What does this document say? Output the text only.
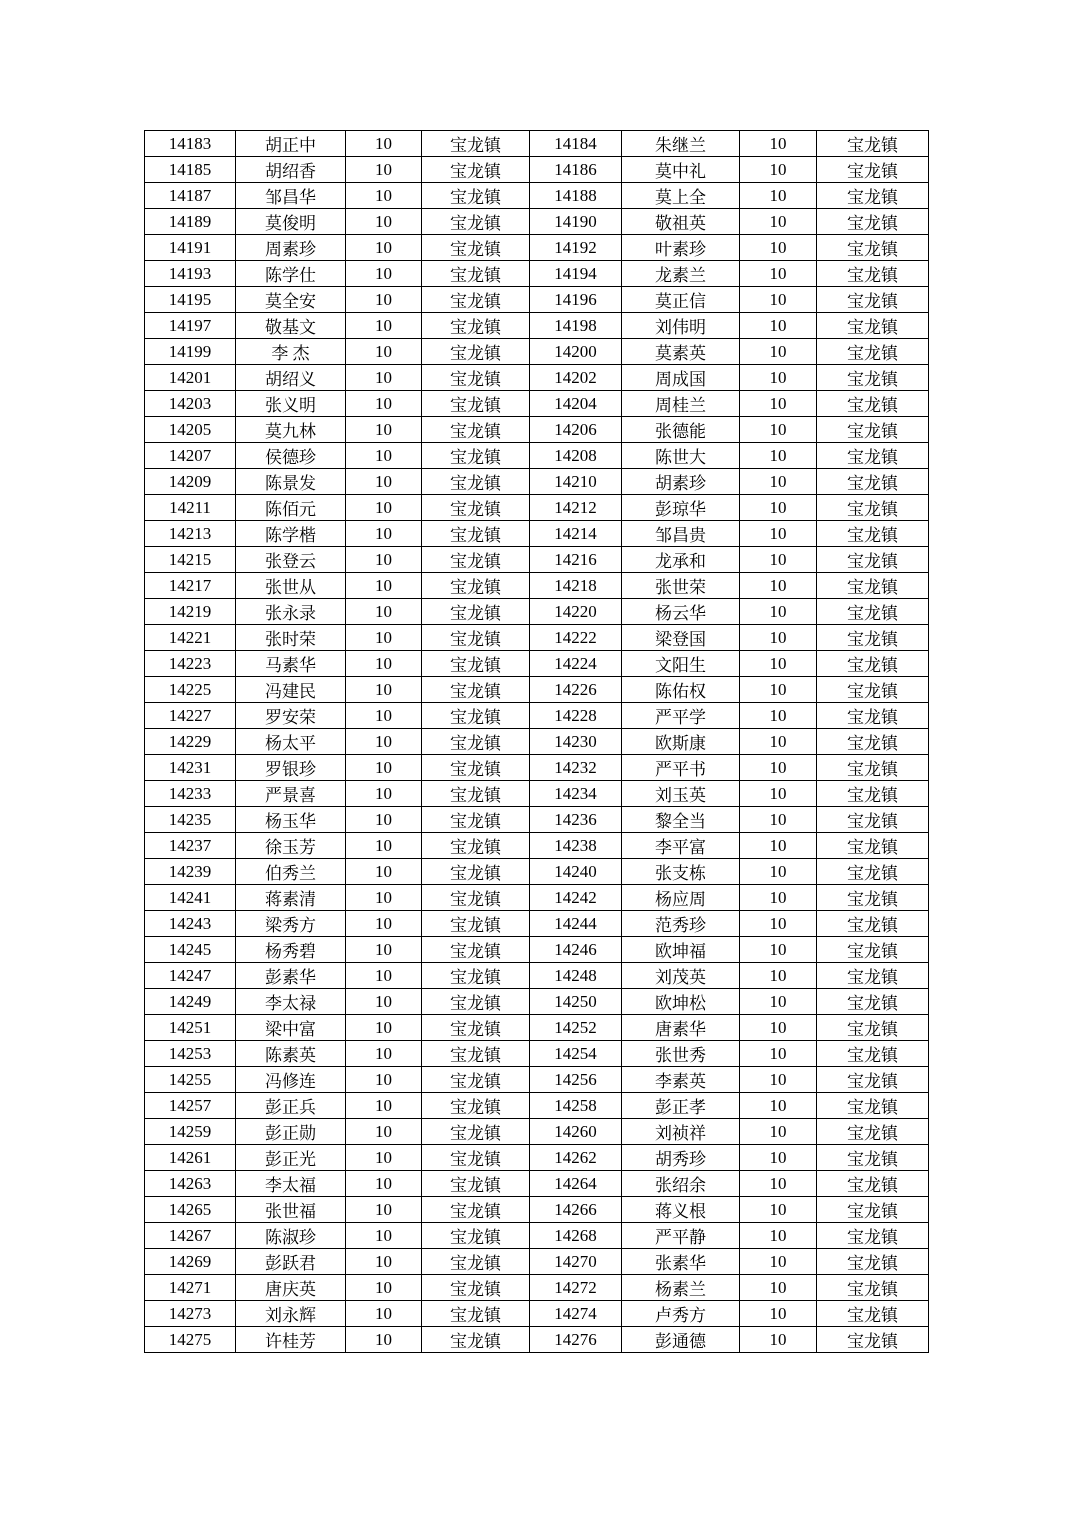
14183	胡正中	10	宝龙镇	14184	朱继兰	10	宝龙镇
14185	胡绍香	10	宝龙镇	14186	莫中礼	10	宝龙镇
14187	邹昌华	10	宝龙镇	14188	莫上全	10	宝龙镇
14189	莫俊明	10	宝龙镇	14190	敬祖英	10	宝龙镇
14191	周素珍	10	宝龙镇	14192	叶素珍	10	宝龙镇
14193	陈学仕	10	宝龙镇	14194	龙素兰	10	宝龙镇
14195	莫全安	10	宝龙镇	14196	莫正信	10	宝龙镇
14197	敬基文	10	宝龙镇	14198	刘伟明	10	宝龙镇
14199	李 杰	10	宝龙镇	14200	莫素英	10	宝龙镇
14201	胡绍义	10	宝龙镇	14202	周成国	10	宝龙镇
14203	张义明	10	宝龙镇	14204	周桂兰	10	宝龙镇
14205	莫九林	10	宝龙镇	14206	张德能	10	宝龙镇
14207	侯德珍	10	宝龙镇	14208	陈世大	10	宝龙镇
14209	陈景发	10	宝龙镇	14210	胡素珍	10	宝龙镇
14211	陈佰元	10	宝龙镇	14212	彭琼华	10	宝龙镇
14213	陈学楷	10	宝龙镇	14214	邹昌贵	10	宝龙镇
14215	张登云	10	宝龙镇	14216	龙承和	10	宝龙镇
14217	张世从	10	宝龙镇	14218	张世荣	10	宝龙镇
14219	张永录	10	宝龙镇	14220	杨云华	10	宝龙镇
14221	张时荣	10	宝龙镇	14222	梁登国	10	宝龙镇
14223	马素华	10	宝龙镇	14224	文阳生	10	宝龙镇
14225	冯建民	10	宝龙镇	14226	陈佑权	10	宝龙镇
14227	罗安荣	10	宝龙镇	14228	严平学	10	宝龙镇
14229	杨太平	10	宝龙镇	14230	欧斯康	10	宝龙镇
14231	罗银珍	10	宝龙镇	14232	严平书	10	宝龙镇
14233	严景喜	10	宝龙镇	14234	刘玉英	10	宝龙镇
14235	杨玉华	10	宝龙镇	14236	黎全当	10	宝龙镇
14237	徐玉芳	10	宝龙镇	14238	李平富	10	宝龙镇
14239	伯秀兰	10	宝龙镇	14240	张支栋	10	宝龙镇
14241	蒋素清	10	宝龙镇	14242	杨应周	10	宝龙镇
14243	梁秀方	10	宝龙镇	14244	范秀珍	10	宝龙镇
14245	杨秀碧	10	宝龙镇	14246	欧坤福	10	宝龙镇
14247	彭素华	10	宝龙镇	14248	刘茂英	10	宝龙镇
14249	李太禄	10	宝龙镇	14250	欧坤松	10	宝龙镇
14251	梁中富	10	宝龙镇	14252	唐素华	10	宝龙镇
14253	陈素英	10	宝龙镇	14254	张世秀	10	宝龙镇
14255	冯修连	10	宝龙镇	14256	李素英	10	宝龙镇
14257	彭正兵	10	宝龙镇	14258	彭正孝	10	宝龙镇
14259	彭正勋	10	宝龙镇	14260	刘祯祥	10	宝龙镇
14261	彭正光	10	宝龙镇	14262	胡秀珍	10	宝龙镇
14263	李太福	10	宝龙镇	14264	张绍余	10	宝龙镇
14265	张世福	10	宝龙镇	14266	蒋义根	10	宝龙镇
14267	陈淑珍	10	宝龙镇	14268	严平静	10	宝龙镇
14269	彭跃君	10	宝龙镇	14270	张素华	10	宝龙镇
14271	唐庆英	10	宝龙镇	14272	杨素兰	10	宝龙镇
14273	刘永辉	10	宝龙镇	14274	卢秀方	10	宝龙镇
14275	许桂芳	10	宝龙镇	14276	彭通德	10	宝龙镇
